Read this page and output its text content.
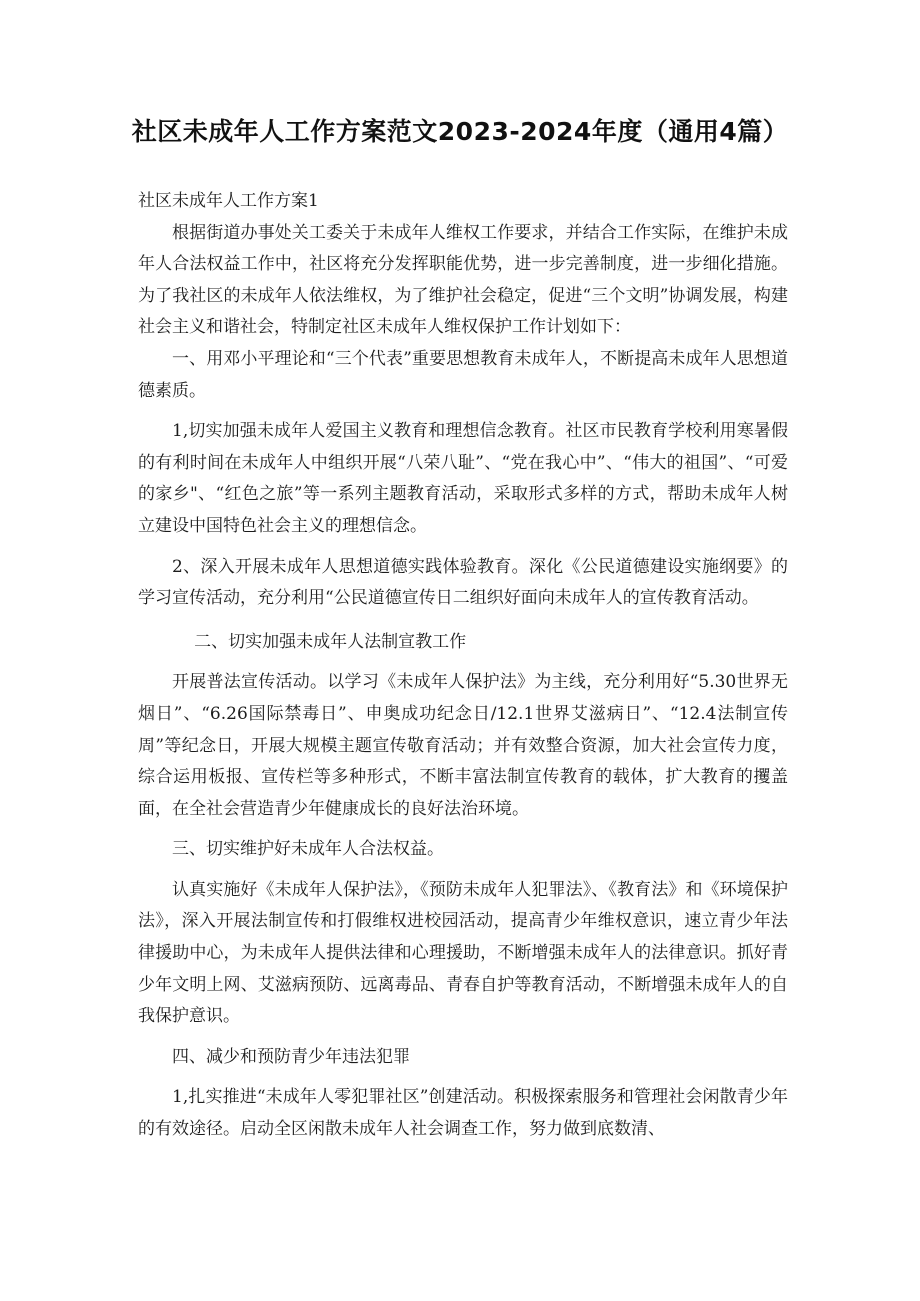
社区未成年人工作方案范文2023-2024年度（通用4篇）

社区未成年人工作方案1

根据街道办事处关工委关于未成年人维权工作要求，并结合工作实际，在维护未成年人合法权益工作中，社区将充分发挥职能优势，进一步完善制度，进一步细化措施。为了我社区的未成年人依法维权，为了维护社会稳定，促进“三个文明”协调发展，构建社会主义和谐社会，特制定社区未成年人维权保护工作计划如下：

一、用邓小平理论和“三个代表”重要思想教育未成年人，不断提高未成年人思想道德素质。

1,切实加强未成年人爱国主义教育和理想信念教育。社区市民教育学校利用寒暑假的有利时间在未成年人中组织开展“八荣八耻”、“党在我心中”、“伟大的祖国”、“可爱的家乡"、“红色之旅”等一系列主题教育活动，采取形式多样的方式，帮助未成年人树立建设中国特色社会主义的理想信念。

2、深入开展未成年人思想道德实践体验教育。深化《公民道德建设实施纲要》的学习宣传活动，充分利用“公民道德宣传日二组织好面向未成年人的宣传教育活动。

二、切实加强未成年人法制宣教工作

开展普法宣传活动。以学习《未成年人保护法》为主线，充分利用好“5.30世界无烟日”、“6.26国际禁毒日”、申奥成功纪念日/12.1世界艾滋病日”、“12.4法制宣传周”等纪念日，开展大规模主题宣传敬育活动；并有效整合资源，加大社会宣传力度，综合运用板报、宣传栏等多种形式，不断丰富法制宣传教育的载体，扩大教育的攫盖面，在全社会营造青少年健康成长的良好法治环境。

三、切实维护好未成年人合法权益。

认真实施好《未成年人保护法》，《预防未成年人犯罪法》、《教育法》和《环境保护法》，深入开展法制宣传和打假维权进校园活动，提高青少年维权意识，速立青少年法律援助中心，为未成年人提供法律和心理援助，不断增强未成年人的法律意识。抓好青少年文明上网、艾滋病预防、远离毒品、青春自护等教育活动，不断增强未成年人的自我保护意识。

四、减少和预防青少年违法犯罪

1,扎实推进“未成年人零犯罪社区”创建活动。积极探索服务和管理社会闲散青少年的有效途径。启动全区闲散未成年人社会调查工作，努力做到底数清、
